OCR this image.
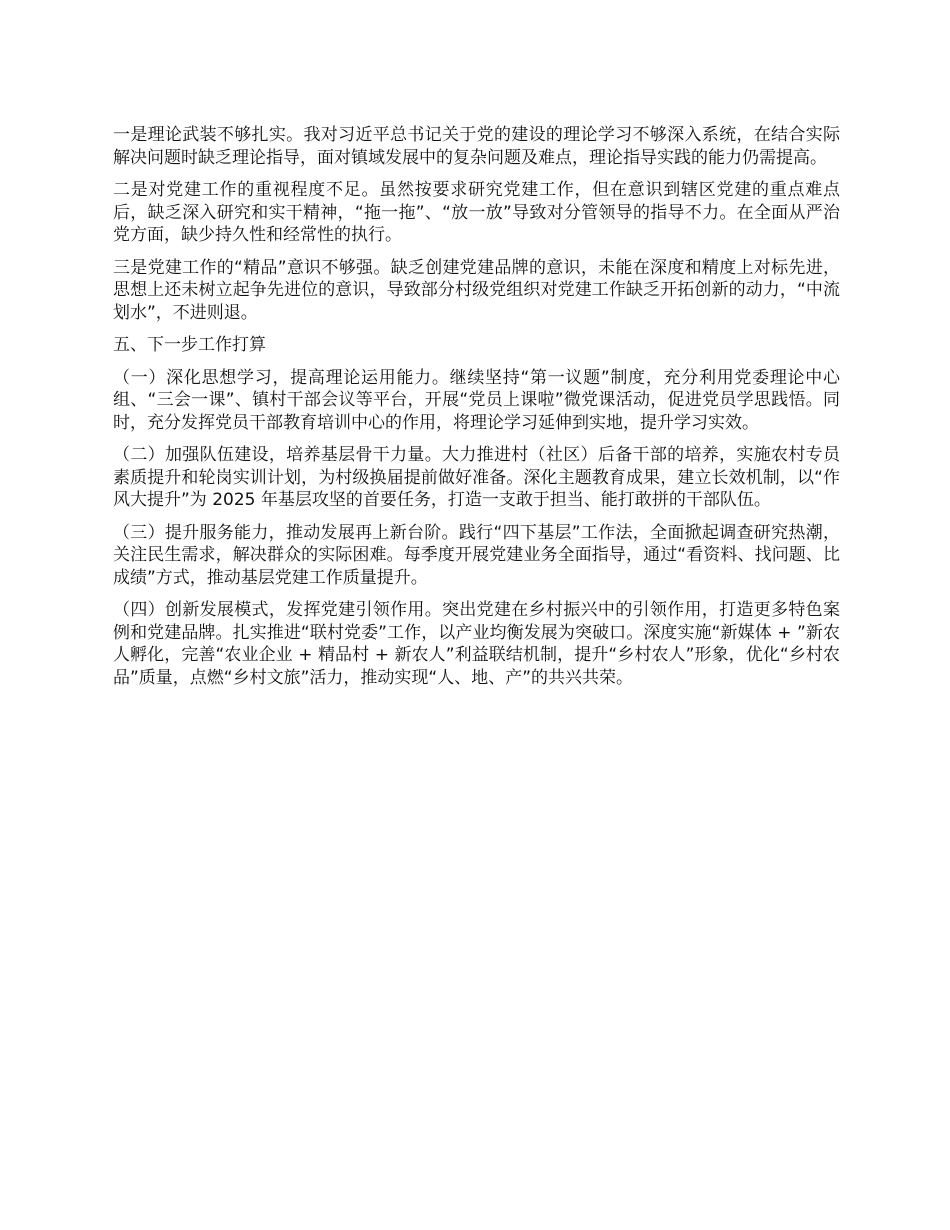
一是理论武装不够扎实。我对习近平总书记关于党的建设的理论学习不够深入系统，在结合实际解决问题时缺乏理论指导，面对镇域发展中的复杂问题及难点，理论指导实践的能力仍需提高。

二是对党建工作的重视程度不足。虽然按要求研究党建工作，但在意识到辖区党建的重点难点后，缺乏深入研究和实干精神，“拖一拖”、“放一放”导致对分管领导的指导不力。在全面从严治党方面，缺少持久性和经常性的执行。

三是党建工作的“精品”意识不够强。缺乏创建党建品牌的意识，未能在深度和精度上对标先进，思想上还未树立起争先进位的意识，导致部分村级党组织对党建工作缺乏开拓创新的动力，“中流划水”，不进则退。

五、下一步工作打算

（一）深化思想学习，提高理论运用能力。继续坚持“第一议题”制度，充分利用党委理论中心组、“三会一课”、镇村干部会议等平台，开展“党员上课啦”微党课活动，促进党员学思践悟。同时，充分发挥党员干部教育培训中心的作用，将理论学习延伸到实地，提升学习实效。

（二）加强队伍建设，培养基层骨干力量。大力推进村（社区）后备干部的培养，实施农村专员素质提升和轮岗实训计划，为村级换届提前做好准备。深化主题教育成果，建立长效机制，以“作风大提升”为 2025 年基层攻坚的首要任务，打造一支敢于担当、能打敢拼的干部队伍。

（三）提升服务能力，推动发展再上新台阶。践行“四下基层”工作法，全面掀起调查研究热潮，关注民生需求，解决群众的实际困难。每季度开展党建业务全面指导，通过“看资料、找问题、比成绩”方式，推动基层党建工作质量提升。

（四）创新发展模式，发挥党建引领作用。突出党建在乡村振兴中的引领作用，打造更多特色案例和党建品牌。扎实推进“联村党委”工作，以产业均衡发展为突破口。深度实施“新媒体 + ”新农人孵化，完善“农业企业 + 精品村 + 新农人”利益联结机制，提升“乡村农人”形象，优化“乡村农品”质量，点燃“乡村文旅”活力，推动实现“人、地、产”的共兴共荣。
